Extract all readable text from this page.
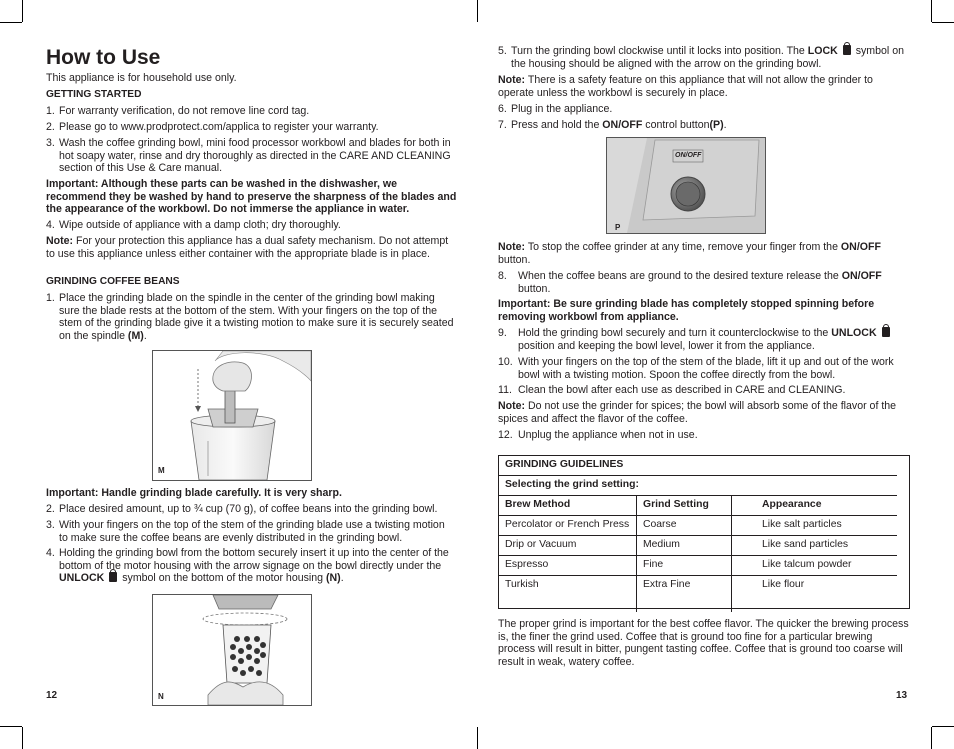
How to Use

This appliance is for household use only.

GETTING STARTED
1. For warranty verification, do not remove line cord tag.
2. Please go to www.prodprotect.com/applica to register your warranty.
3. Wash the coffee grinding bowl, mini food processor workbowl and blades for both in hot soapy water, rinse and dry thoroughly as directed in the CARE AND CLEANING section of this Use & Care manual.

Important: Although these parts can be washed in the dishwasher, we recommend they be washed by hand to preserve the sharpness of the blades and the appearance of the workbowl. Do not immerse the appliance in water.

4. Wipe outside of appliance with a damp cloth; dry thoroughly.

Note: For your protection this appliance has a dual safety mechanism. Do not attempt to use this appliance unless either container with the appropriate blade is in place.

GRINDING COFFEE BEANS
1. Place the grinding blade on the spindle in the center of the grinding bowl making sure the blade rests at the bottom of the stem. With your fingers on the top of the stem of the grinding blade give it a twisting motion to make sure it is securely seated on the spindle (M).
M

Important: Handle grinding blade carefully. It is very sharp.

2. Place desired amount, up to ¾ cup (70 g), of coffee beans into the grinding bowl.
3. With your fingers on the top of the stem of the grinding blade use a twisting motion to make sure the coffee beans are evenly distributed in the grinding bowl.
4. Holding the grinding bowl from the bottom securely insert it up into the center of the bottom of the motor housing with the arrow signage on the bowl directly under the UNLOCK symbol on the bottom of the motor housing (N).
N
12
5. Turn the grinding bowl clockwise until it locks into position. The LOCK symbol on the housing should be aligned with the arrow on the grinding bowl.

Note: There is a safety feature on this appliance that will not allow the grinder to operate unless the workbowl is securely in place.

6. Plug in the appliance.
7. Press and hold the ON/OFF control button(P).
ON/OFF
P

Note: To stop the coffee grinder at any time, remove your finger from the ON/OFF button.

8.	When the coffee beans are ground to the desired texture release the ON/OFF button.

Important: Be sure grinding blade has completely stopped spinning before removing workbowl from appliance.

9.	Hold the grinding bowl securely and turn it counterclockwise to the UNLOCK  position and keeping the bowl level, lower it from the appliance.
10. With your fingers on the top of the stem of the blade, lift it up and out of the work bowl with a twisting motion. Spoon the coffee directly from the bowl.
11. Clean the bowl after each use as described in CARE and CLEANING.

Note: Do not use the grinder for spices; the bowl will absorb some of the flavor of the spices and affect the flavor of the coffee.

12. Unplug the appliance when not in use.
GRINDING GUIDELINES		
Selecting the grind setting:		
Brew Method	Grind Setting	Appearance
Percolator or French Press	Coarse	Like salt particles
Drip or Vacuum	Medium	Like sand particles
Espresso	Fine	Like talcum powder
Turkish	Extra Fine	Like flour

The proper grind is important for the best coffee flavor. The quicker the brewing process is, the finer the grind used. Coffee that is ground too fine for a particular brewing process will result in bitter, pungent tasting coffee. Coffee that is ground too coarse will result in weak, watery coffee.

13
